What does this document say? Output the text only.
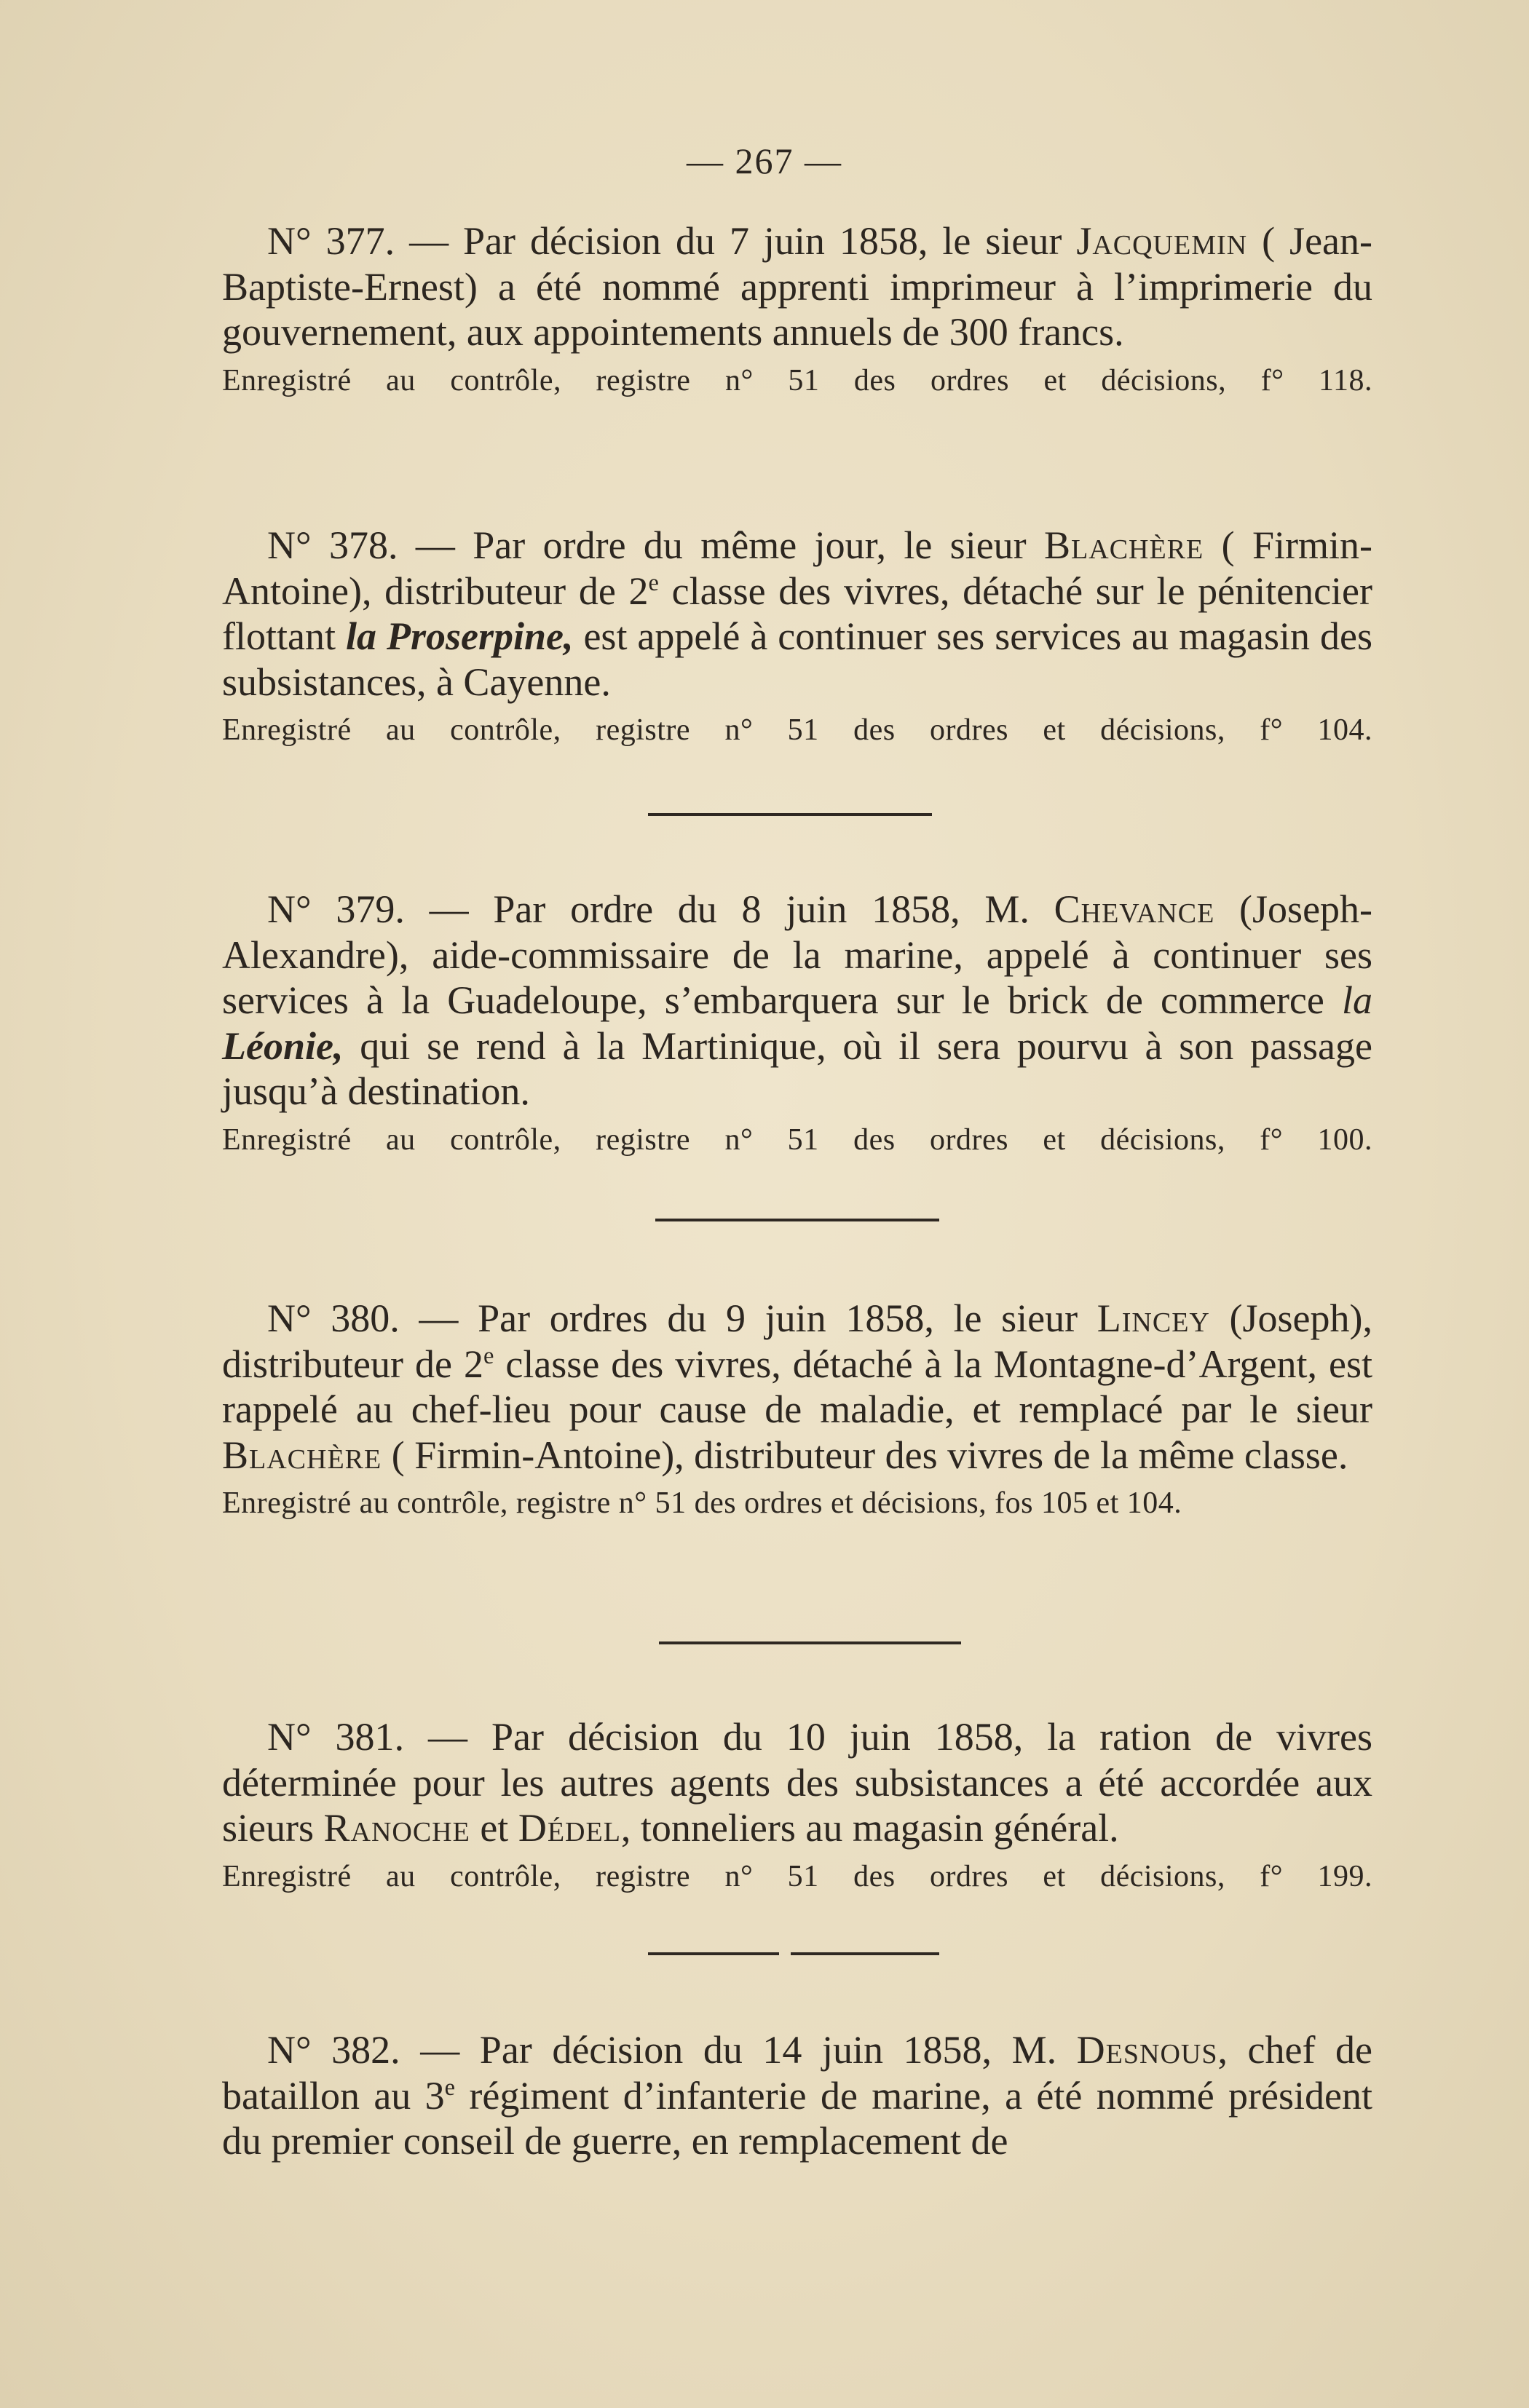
— 267 —

N° 377. — Par décision du 7 juin 1858, le sieur Jacquemin ( Jean-Baptiste-Ernest) a été nommé apprenti imprimeur à l’imprimerie du gouvernement, aux appointements annuels de 300 francs.

Enregistré au contrôle, registre n° 51 des ordres et décisions, f° 118.

N° 378. — Par ordre du même jour, le sieur Blachère ( Firmin-Antoine), distributeur de 2e classe des vivres, détaché sur le pénitencier flottant la Proserpine, est appelé à continuer ses services au magasin des subsistances, à Cayenne.

Enregistré au contrôle, registre n° 51 des ordres et décisions, f° 104.

N° 379. — Par ordre du 8 juin 1858, M. Chevance (Joseph-Alexandre), aide-commissaire de la marine, appelé à continuer ses services à la Guadeloupe, s’embarquera sur le brick de commerce la Léonie, qui se rend à la Martinique, où il sera pourvu à son passage jusqu’à destination.

Enregistré au contrôle, registre n° 51 des ordres et décisions, f° 100.

N° 380. — Par ordres du 9 juin 1858, le sieur Lincey (Joseph), distributeur de 2e classe des vivres, détaché à la Montagne-d’Argent, est rappelé au chef-lieu pour cause de maladie, et remplacé par le sieur Blachère ( Firmin-Antoine), distributeur des vivres de la même classe.

Enregistré au contrôle, registre n° 51 des ordres et décisions, fos 105 et 104.

N° 381. — Par décision du 10 juin 1858, la ration de vivres déterminée pour les autres agents des subsistances a été accordée aux sieurs Ranoche et Dédel, tonneliers au magasin général.

Enregistré au contrôle, registre n° 51 des ordres et décisions, f° 199.

N° 382. — Par décision du 14 juin 1858, M. Desnous, chef de bataillon au 3e régiment d’infanterie de marine, a été nommé président du premier conseil de guerre, en remplacement de
